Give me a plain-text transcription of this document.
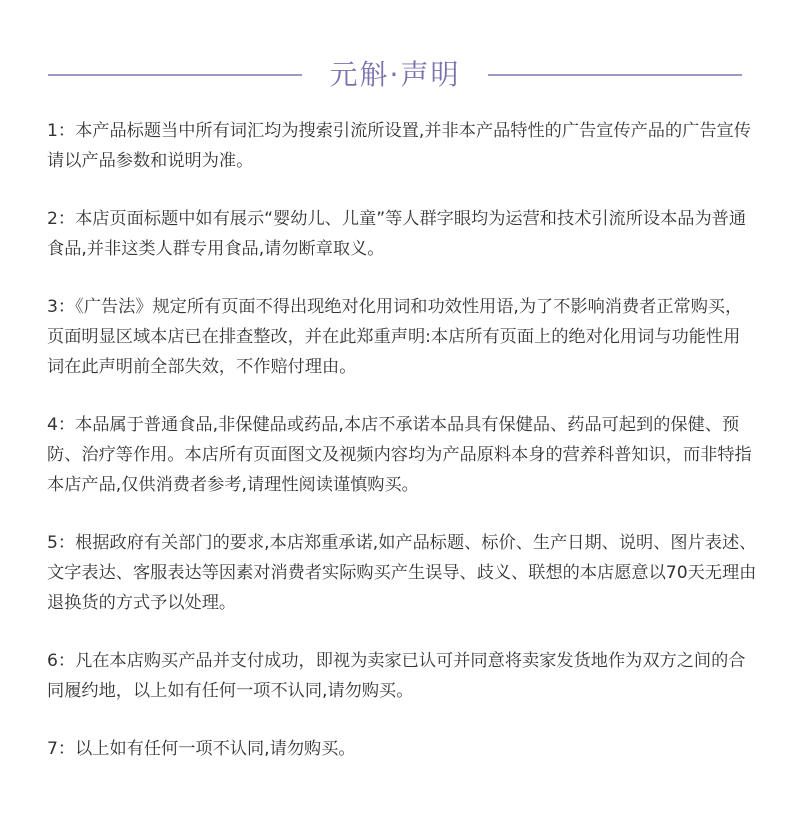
元斛·声明

1：本产品标题当中所有词汇均为搜索引流所设置,并非本产品特性的广告宣传产品的广告宣传请以产品参数和说明为准。

2：本店页面标题中如有展示“婴幼儿、儿童”等人群字眼均为运营和技术引流所设本品为普通食品,并非这类人群专用食品,请勿断章取义。

3：《广告法》规定所有页面不得出现绝对化用词和功效性用语,为了不影响消费者正常购买，页面明显区域本店已在排查整改，并在此郑重声明:本店所有页面上的绝对化用词与功能性用词在此声明前全部失效，不作赔付理由。

4：本品属于普通食品,非保健品或药品,本店不承诺本品具有保健品、药品可起到的保健、预防、治疗等作用。本店所有页面图文及视频内容均为产品原料本身的营养科普知识，而非特指本店产品,仅供消费者参考,请理性阅读谨慎购买。

5：根据政府有关部门的要求,本店郑重承诺,如产品标题、标价、生产日期、说明、图片表述、文字表达、客服表达等因素对消费者实际购买产生误导、歧义、联想的本店愿意以70天无理由退换货的方式予以处理。

6：凡在本店购买产品并支付成功，即视为卖家已认可并同意将卖家发货地作为双方之间的合同履约地，以上如有任何一项不认同,请勿购买。

7：以上如有任何一项不认同,请勿购买。
